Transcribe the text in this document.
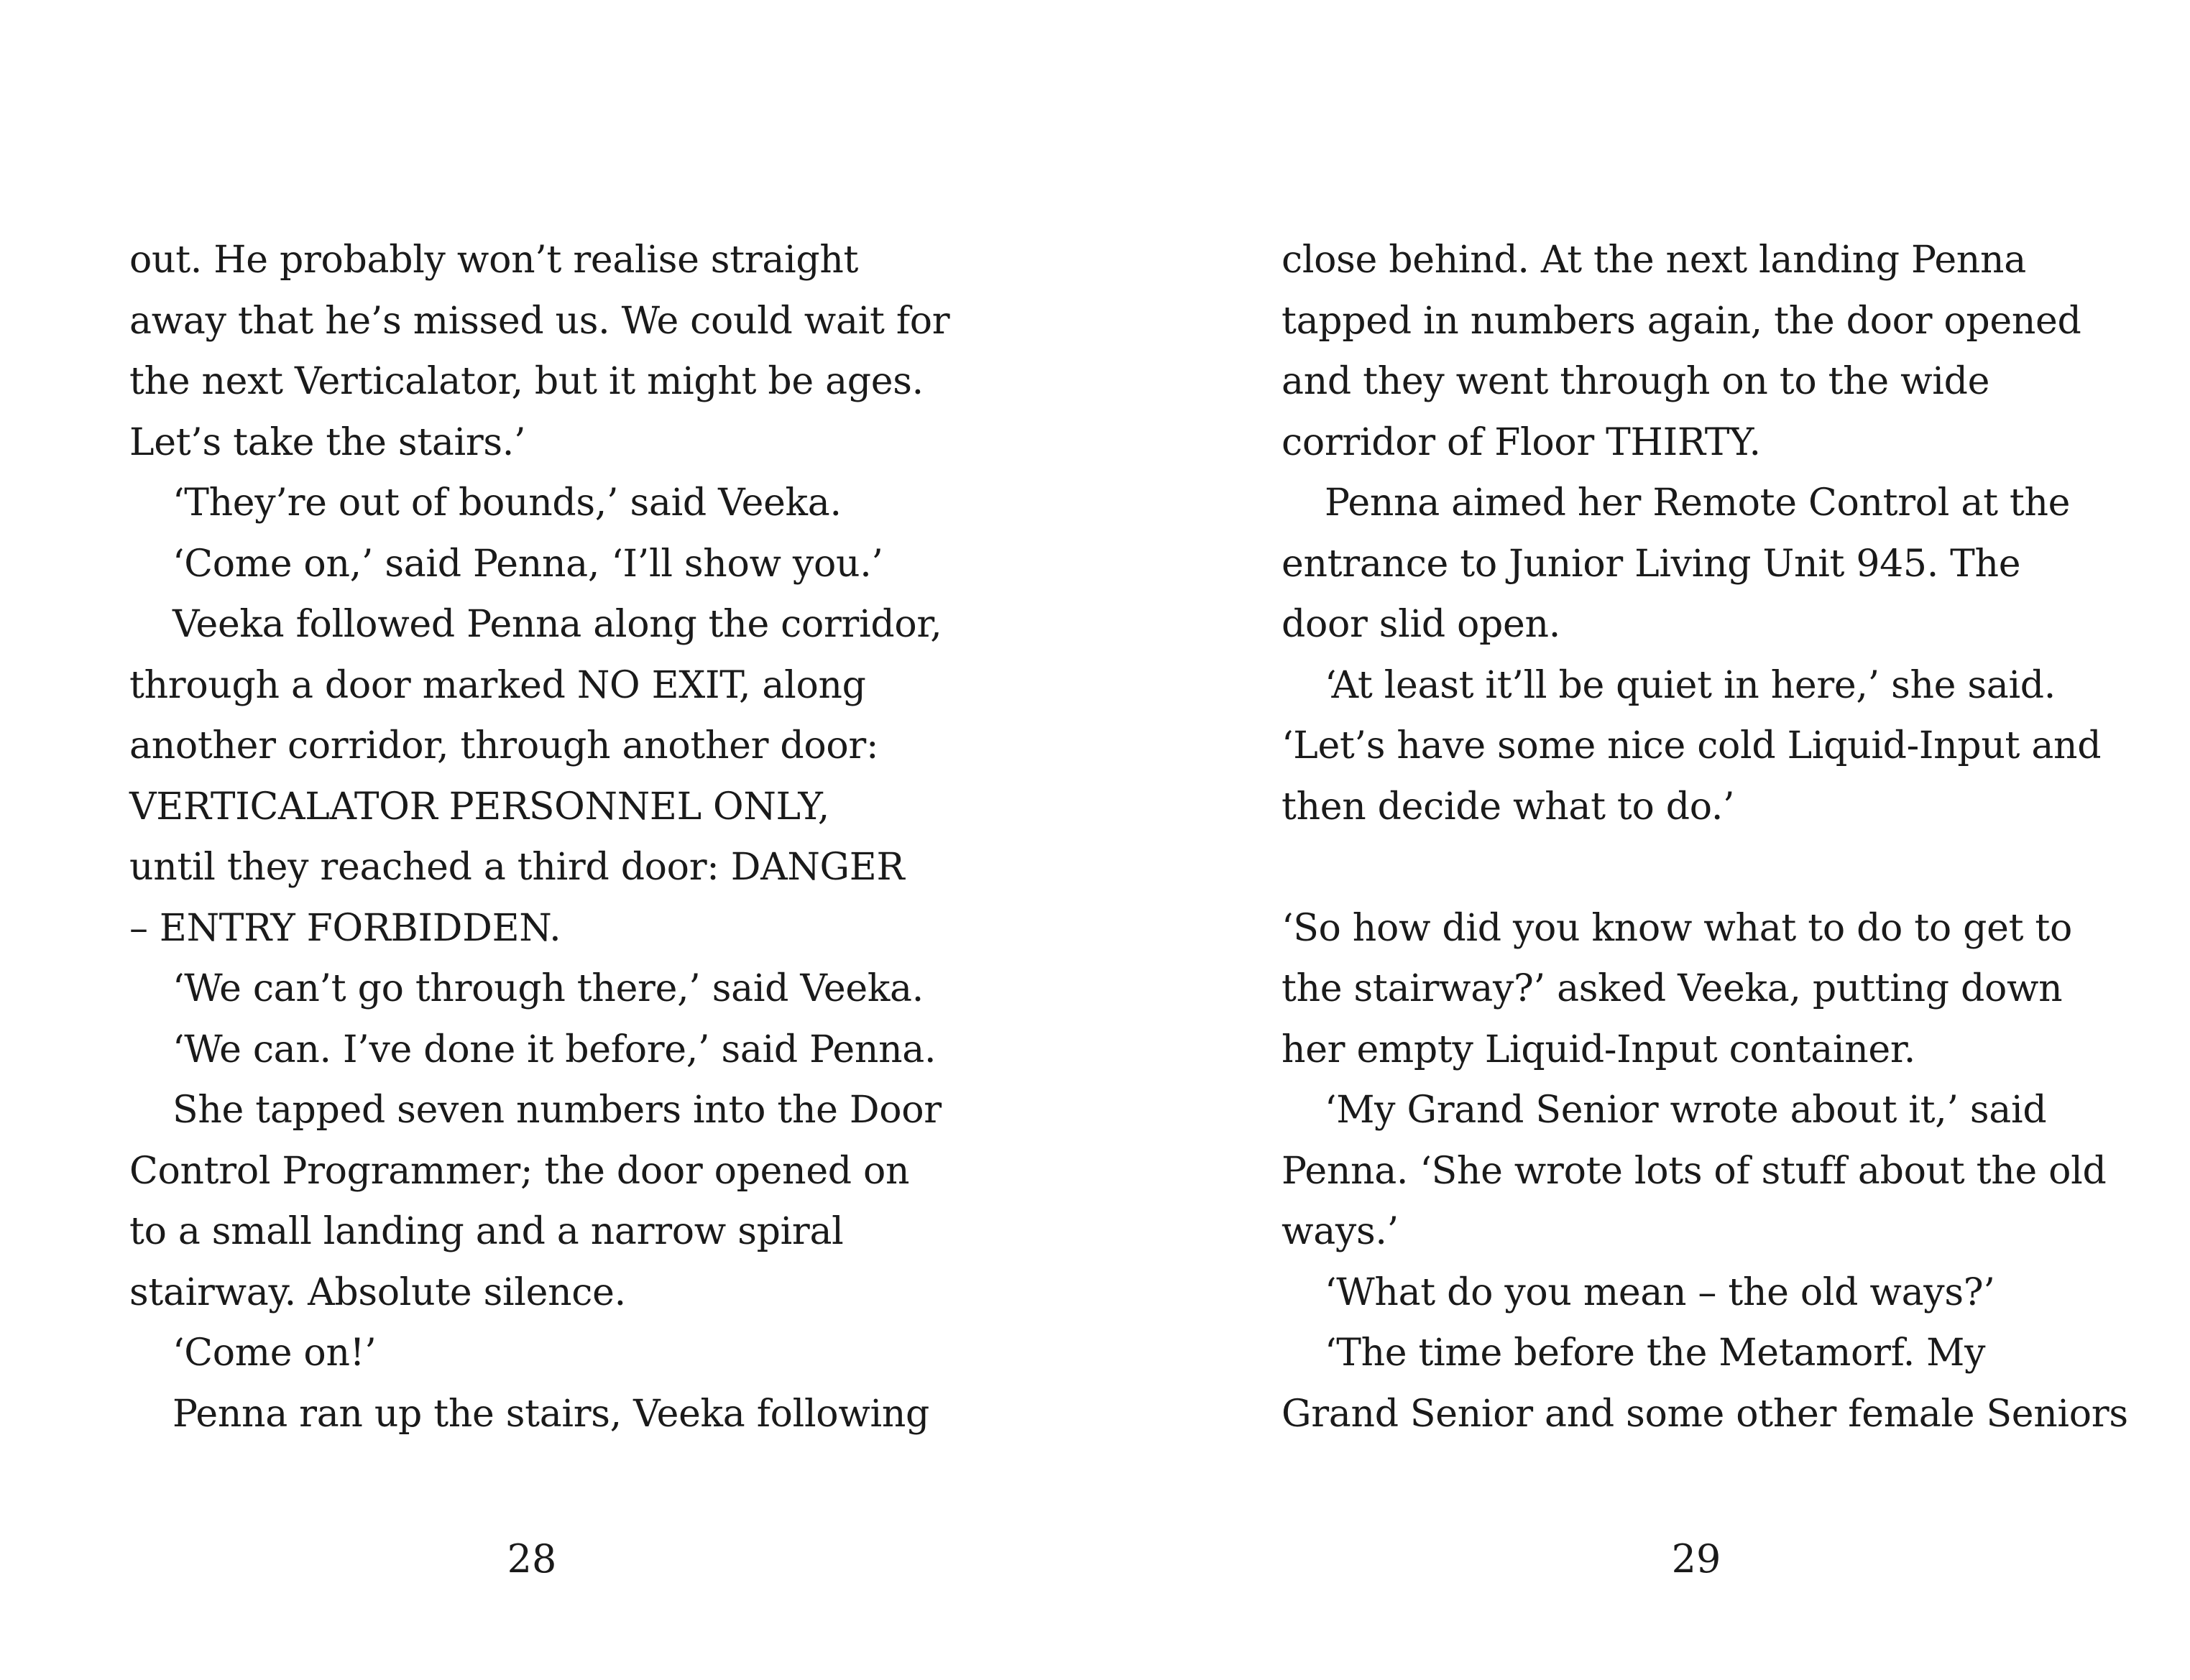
out. He probably won’t realise straight
away that he’s missed us. We could wait for
the next Verticalator, but it might be ages.
Let’s take the stairs.’
‘They’re out of bounds,’ said Veeka.
‘Come on,’ said Penna, ‘I’ll show you.’
Veeka followed Penna along the corridor,
through a door marked NO EXIT, along
another corridor, through another door:
VERTICALATOR PERSONNEL ONLY,
until they reached a third door: DANGER
– ENTRY FORBIDDEN.
‘We can’t go through there,’ said Veeka.
‘We can. I’ve done it before,’ said Penna.
She tapped seven numbers into the Door
Control Programmer; the door opened on
to a small landing and a narrow spiral
stairway. Absolute silence.
‘Come on!’
Penna ran up the stairs, Veeka following
28
close behind. At the next landing Penna
tapped in numbers again, the door opened
and they went through on to the wide
corridor of Floor THIRTY.
Penna aimed her Remote Control at the
entrance to Junior Living Unit 945. The
door slid open.
‘At least it’ll be quiet in here,’ she said.
‘Let’s have some nice cold Liquid-Input and
then decide what to do.’
‘So how did you know what to do to get to
the stairway?’ asked Veeka, putting down
her empty Liquid-Input container.
‘My Grand Senior wrote about it,’ said
Penna. ‘She wrote lots of stuff about the old
ways.’
‘What do you mean – the old ways?’
‘The time before the Metamorf. My
Grand Senior and some other female Seniors
29
